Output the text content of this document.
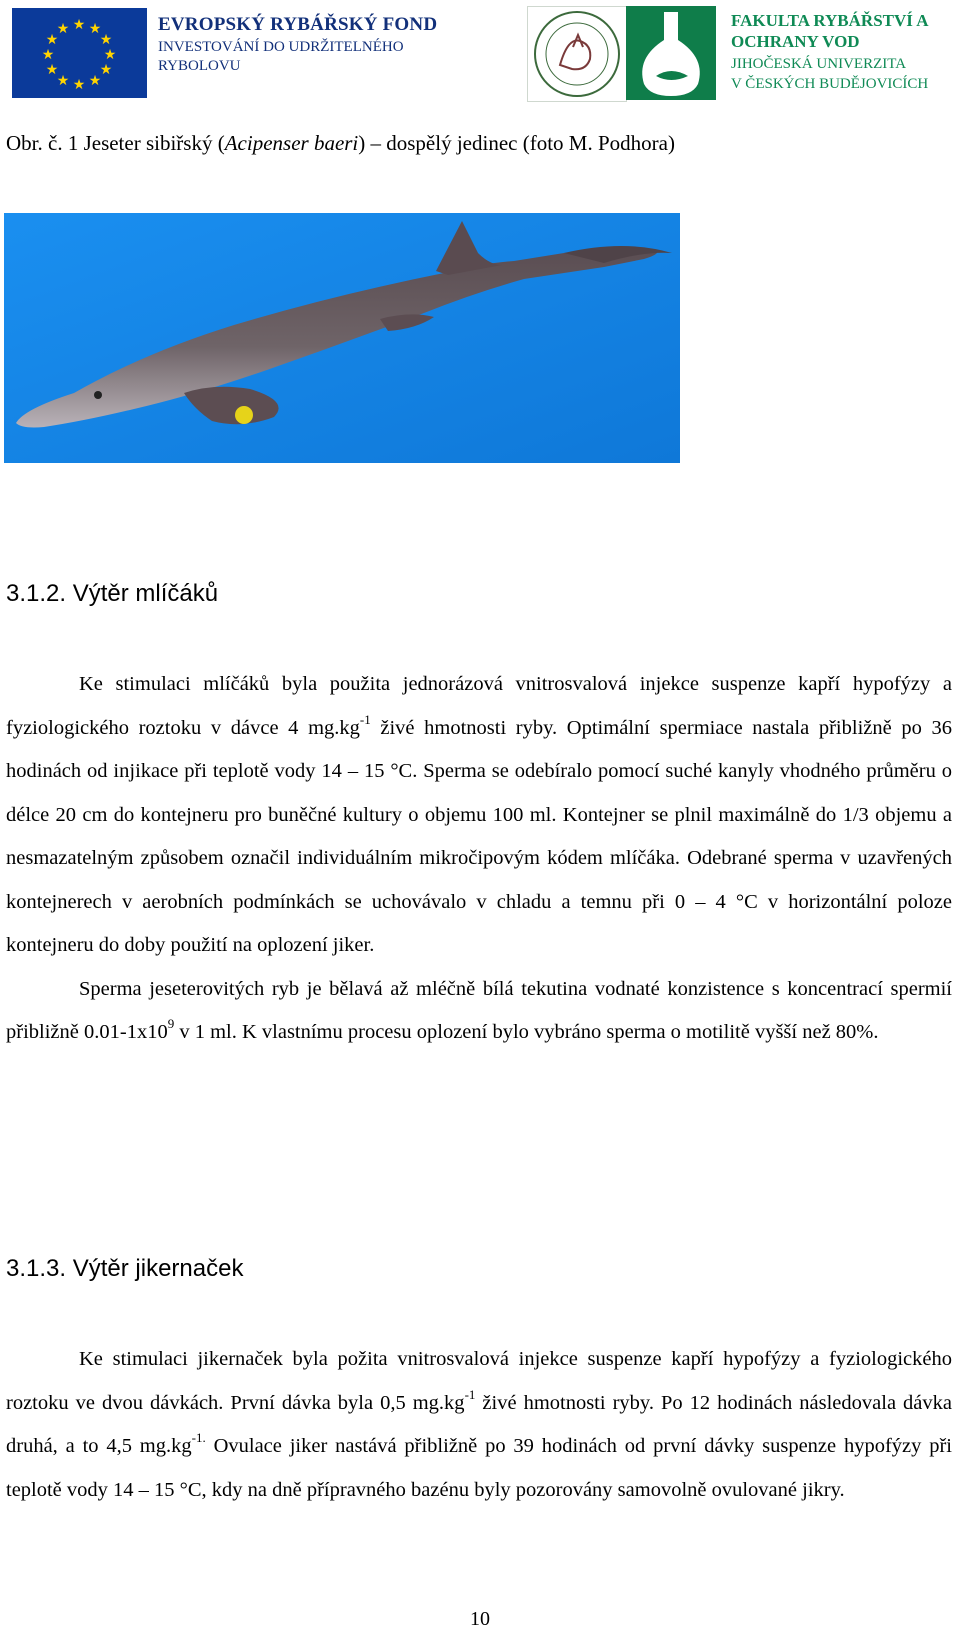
★ ★
★
★
★
★
★
★
★
★
★
★	EVROPSKÝ RYBÁŘSKÝ FOND
INVESTOVÁNÍ DO UDRŽITELNÉHO
RYBOLOVU
FAKULTA RYBÁŘSTVÍ A
OCHRANY VOD
JIHOČESKÁ UNIVERZITA
V ČESKÝCH BUDĚJOVICÍCH
Obr. č. 1 Jeseter sibiřský (Acipenser baeri) – dospělý jedinec (foto M. Podhora)
3.1.2. Výtěr mlíčáků

Ke stimulaci mlíčáků byla použita jednorázová vnitrosvalová injekce suspenze kapří hypofýzy a fyziologického roztoku v dávce 4 $mg.kg^{-1}$ živé hmotnosti ryby. Optimální spermiace nastala přibližně po 36 hodinách od injikace při teplotě vody 14 – 15 °C. Sperma se odebíralo pomocí suché kanyly vhodného průměru o délce 20 cm do kontejneru pro buněčné kultury o objemu 100 ml. Kontejner se plnil maximálně do 1/3 objemu a nesmazatelným způsobem označil individuálním mikročipovým kódem mlíčáka. Odebrané sperma v uzavřených kontejnerech v aerobních podmínkách se uchovávalo v chladu a temnu při 0 – 4 °C v horizontální poloze kontejneru do doby použití na oplození jiker.

Sperma jeseterovitých ryb je bělavá až mléčně bílá tekutina vodnaté konzistence s koncentrací spermií přibližně $0.01-1x10^9$ v 1 ml. K vlastnímu procesu oplození bylo vybráno sperma o motilitě vyšší než 80%.

3.1.3. Výtěr jikernaček

Ke stimulaci jikernaček byla požita vnitrosvalová injekce suspenze kapří hypofýzy a fyziologického roztoku ve dvou dávkách. První dávka byla 0,5 $mg.kg^{-1}$ živé hmotnosti ryby. Po 12 hodinách následovala dávka druhá, a to 4,5 $mg.kg^{-1.}$ Ovulace jiker nastává přibližně po 39 hodinách od první dávky suspenze hypofýzy při teplotě vody 14 – 15 °C, kdy na dně přípravného bazénu byly pozorovány samovolně ovulované jikry.

10
